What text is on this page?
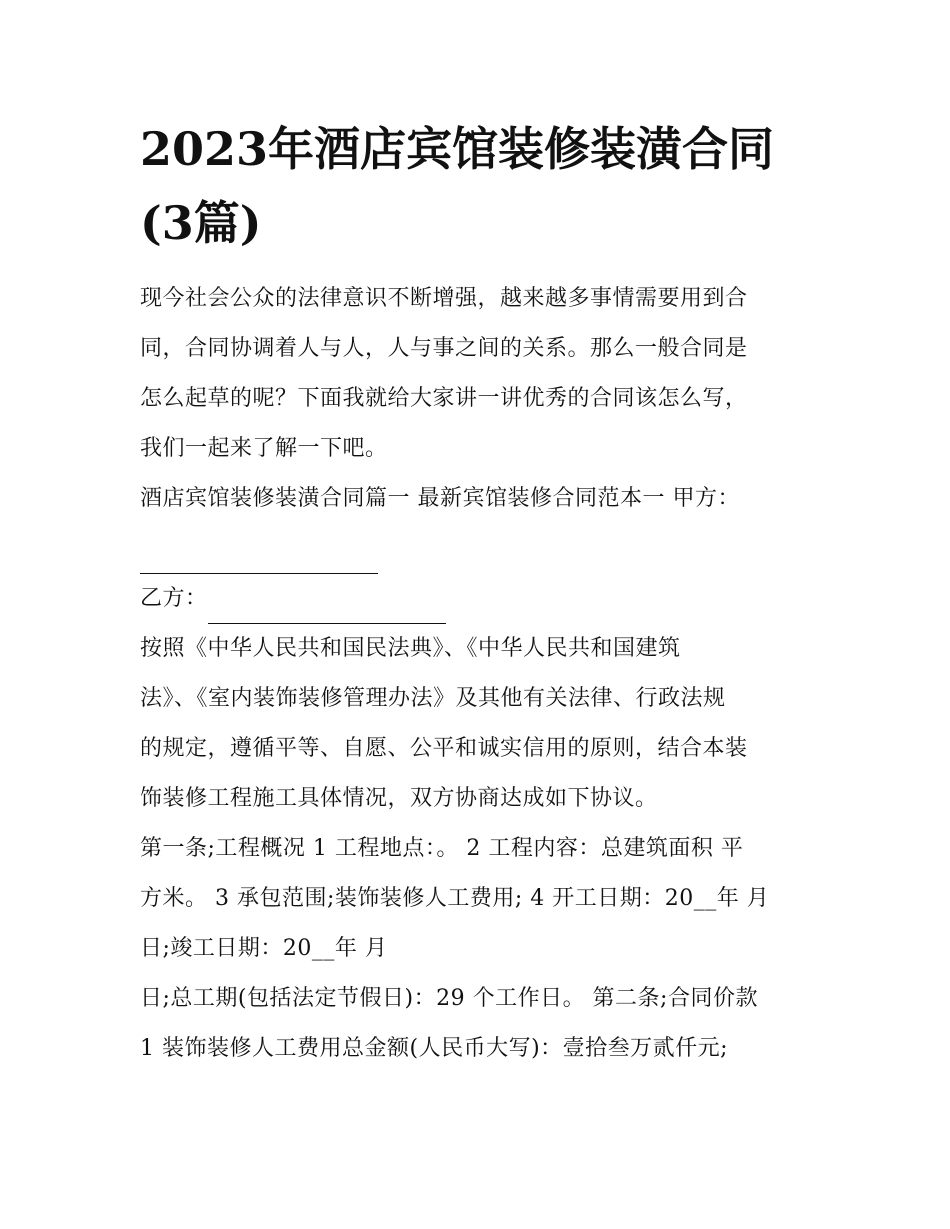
2023年酒店宾馆装修装潢合同
(3篇)
现今社会公众的法律意识不断增强，越来越多事情需要用到合
同，合同协调着人与人，人与事之间的关系。那么一般合同是
怎么起草的呢？下面我就给大家讲一讲优秀的合同该怎么写，
我们一起来了解一下吧。
酒店宾馆装修装潢合同篇一 最新宾馆装修合同范本一 甲方：
乙方：
按照《中华人民共和国民法典》、《中华人民共和国建筑
法》、《室内装饰装修管理办法》及其他有关法律、行政法规
的规定，遵循平等、自愿、公平和诚实信用的原则，结合本装
饰装修工程施工具体情况，双方协商达成如下协议。
第一条;工程概况 1 工程地点：。 2 工程内容：总建筑面积 平
方米。 3 承包范围;装饰装修人工费用; 4 开工日期：20__年 月
日;竣工日期：20__年 月
日;总工期(包括法定节假日)：29 个工作日。 第二条;合同价款
1 装饰装修人工费用总金额(人民币大写)：壹拾叁万贰仟元;
